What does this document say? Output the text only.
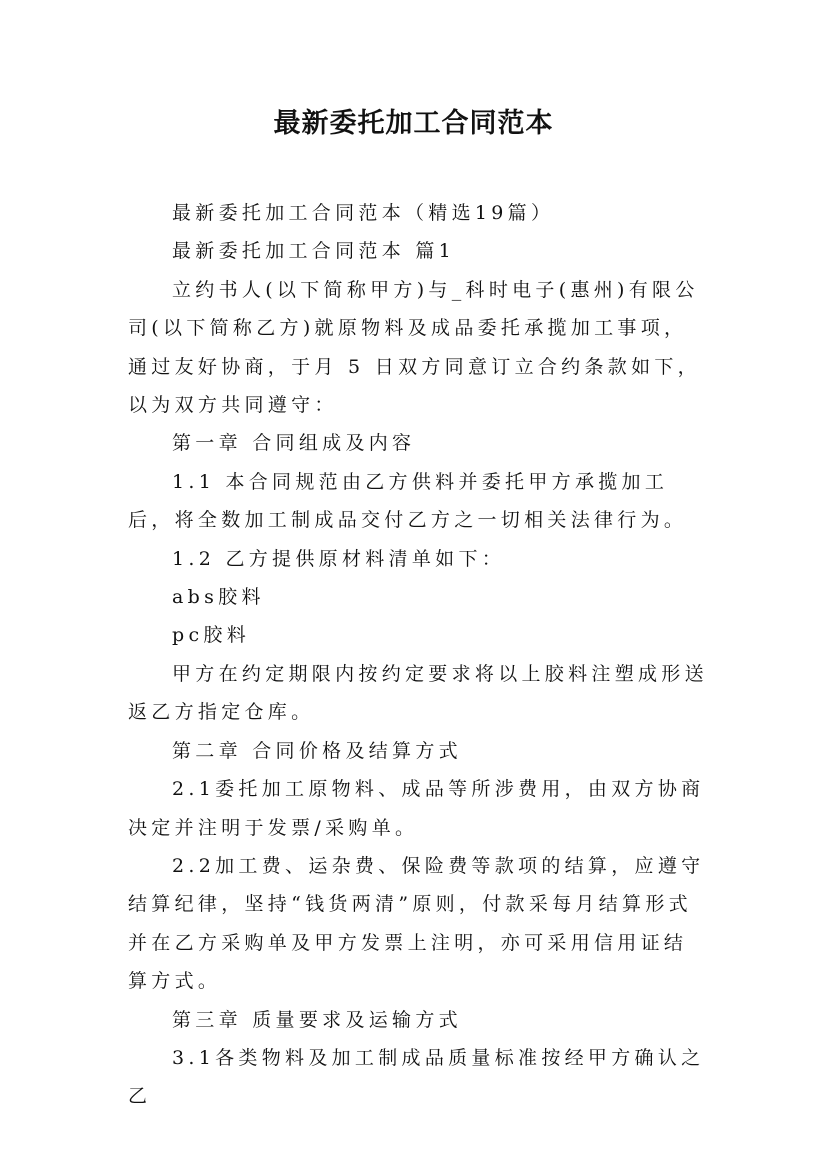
最新委托加工合同范本

最新委托加工合同范本（精选19篇）

最新委托加工合同范本 篇1

立约书人(以下简称甲方)与_科时电子(惠州)有限公司(以下简称乙方)就原物料及成品委托承揽加工事项，通过友好协商，于月 5 日双方同意订立合约条款如下，以为双方共同遵守：

第一章 合同组成及内容

1.1 本合同规范由乙方供料并委托甲方承揽加工后，将全数加工制成品交付乙方之一切相关法律行为。

1.2 乙方提供原材料清单如下：

abs胶料

pc胶料

甲方在约定期限内按约定要求将以上胶料注塑成形送返乙方指定仓库。

第二章 合同价格及结算方式

2.1委托加工原物料、成品等所涉费用，由双方协商决定并注明于发票/采购单。

2.2加工费、运杂费、保险费等款项的结算，应遵守结算纪律，坚持“钱货两清”原则，付款采每月结算形式并在乙方采购单及甲方发票上注明，亦可采用信用证结算方式。

第三章 质量要求及运输方式

3.1各类物料及加工制成品质量标准按经甲方确认之乙
